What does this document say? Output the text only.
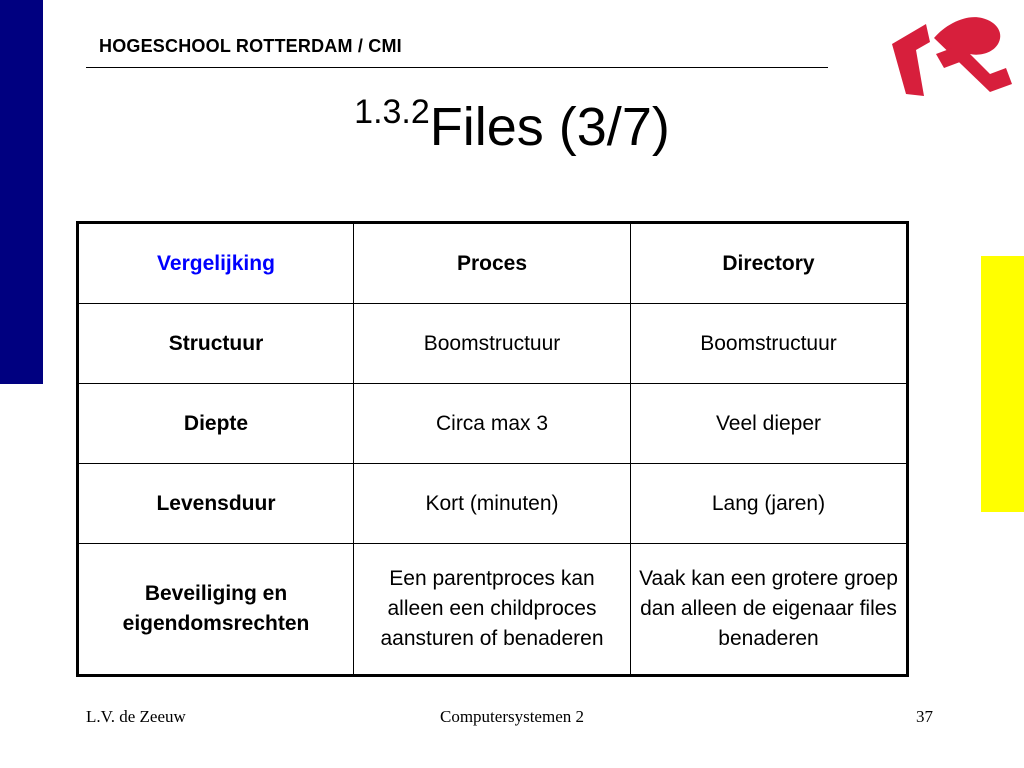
HOGESCHOOL ROTTERDAM / CMI
$^{1.3.2}$Files (3/7)
Vergelijking	Proces	Directory
Structuur	Boomstructuur	Boomstructuur
Diepte	Circa max 3	Veel dieper
Levensduur	Kort (minuten)	Lang (jaren)
Beveiliging en eigendomsrechten	Een parentproces kan alleen een childproces aansturen of benaderen	Vaak kan een grotere groep dan alleen de eigenaar files benaderen
L.V. de Zeeuw	Computersystemen 2	37
